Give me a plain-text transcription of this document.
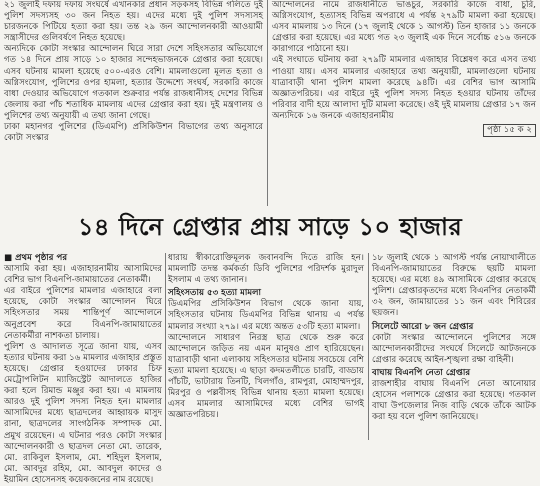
২১ জুলাই দফায় দফায় সংঘর্ষে এখানকার প্রধান সড়কসহ বিভিন্ন গলিতে দুই পুলিশ সদস্যসহ ৩০ জন নিহত হয়। এদের মধ্যে দুই পুলিশ সদস্যসহ চারজনকে পিটিয়ে হত্যা করা হয়। তন্ত ২৯ জন আন্দোলনকারী আওয়ামী সন্ত্রাসীদের গুলিবর্ষণে নিহত হয়েছে।

অন্যদিকে কোটা সংস্কার আন্দোলন ঘিরে সারা দেশে সহিংসতার অভিযোগে গত ১৪ দিনে প্রায় সাড়ে ১০ হাজার সন্দেহভাজনকে গ্রেপ্তার করা হয়েছে। এসব ঘটনায় মামলা হয়েছে ৫০০-এরও বেশি। মামলাগুলো মূলত হত্যা ও অগ্নিসংযোগ, পুলিশের ওপর হামলা, হত্যার উদ্দেশ্যে সংঘর্ষ, সরকারি কাজে বাধা দেওয়ার অভিযোগে গতকাল শুক্রবার পর্যন্ত রাজধানীসহ দেশের বিভিন্ন জেলায় করা পাঁচ শতাধিক মামলায় এদের গ্রেপ্তার করা হয়। দুই মন্ত্রণালয় ও পুলিশের তথ্য অনুযায়ী এ তথ্য জানা গেছে।

ঢাকা মহানগর পুলিশের (ডিএমপি) প্রসিকিউশন বিভাগের তথ্য অনুসারে কোটা সংস্কার

আন্দোলনের নামে রাজধানীতে ভাঙচুর, সরকারি কাজে বাধা, চুরি, অগ্নিসংযোগ, হত্যাসহ বিভিন্ন অপরাধে এ পর্যন্ত ২৭৯টি মামলা করা হয়েছে। এসব মামলায় ১৩ দিনে (১৭ জুলাই থেকে ১ আগস্ট) তিন হাজার ১১ জনকে গ্রেপ্তার করা হয়েছে। এর মধ্যে গত ২৩ জুলাই এক দিনে সর্বোচ্চ ৫১৬ জনকে কারাগারে পাঠানো হয়।

এই সংঘাতে ঘটনায় করা ২৭৯টি মামলার এজাহার বিশ্লেষণ করে এসব তথ্য পাওয়া যায়। এসব মামলার এজাহারে তথ্য অনুযায়ী, মামলাগুলো ঘটনায় যাত্রাবাড়ী থানা পুলিশ মামলা করেছে ৯৪টি। এর বেশির ভাগ আসামি অজ্ঞাতপরিচয়। এর বাইরে দুই পুলিশ সদস্য নিহত হওয়ার ঘটনায় তাঁদের পরিবার বাদী হয়ে আলাদা দুটি মামলা করেছে। ওই দুই মামলায় গ্রেপ্তার ১৭ জন অন্যদিকে ১৬ জনকে এজাহারনামীয়

পৃষ্ঠা ১৫ ক ২

১৪ দিনে গ্রেপ্তার প্রায় সাড়ে ১০ হাজার

■ প্রথম পৃষ্ঠার পর

আসামি করা হয়। এজাহারনামীয় আসামিদের বেশির ভাগ বিএনপি-জামায়াতের নেতাকর্মী।

এর বাইরে পুলিশের মামলার এজাহারে বলা হয়েছে, কোটা সংস্কার আন্দোলন ঘিরে সহিংসতার সময় শান্তিপূর্ণ আন্দোলনে অনুপ্রবেশ করে বিএনপি-জামায়াতের নেতাকর্মীরা নাশকতা চালায়।

পুলিশ ও আদালত সূত্রে জানা যায়, এসব হত্যার ঘটনায় করা ১৬ মামলার এজাহার প্রস্তুত হয়েছে। গ্রেপ্তার হওয়াদের ঢাকার চিফ মেট্রোপলিটন ম্যাজিস্ট্রেট আদালতে হাজির করা হলে রিমান্ড মঞ্জুর করা হয়। এ মামলায় আরও দুই পুলিশ সদস্য নিহত হন। মামলার আসামিদের মধ্যে ছাত্রদলের আহ্বায়ক মাসুদ রানা, ছাত্রদলের সাংগঠনিক সম্পাদক মো. প্রমুখ রয়েছেন। এ ঘটনার পরও কোটা সংস্কার আন্দোলনকারী ও ছাত্রদল নেতা মো. তারেক, মো. রাকিবুল ইসলাম, মো. শহিদুল ইসলাম, মো. আবদুর রহিম, মো. আবদুল কাদের ও ইয়ামিন হোসেনসহ কয়েকজনের নাম রয়েছে।

ধারায় স্বীকারোক্তিমূলক জবানবন্দি দিতে রাজি হন। মামলাটি তদন্ত কর্মকর্তা ডিবি পুলিশের পরিদর্শক মুরাদুল ইসলাম এ তথ্য জানান।

সহিংসতায় ৫৩ হত্যা মামলা

ডিএমপির প্রসিকিউশন বিভাগ থেকে জানা যায়, সহিংসতার ঘটনায় ডিএমপির বিভিন্ন থানায় এ পর্যন্ত মামলার সংখ্যা ২৭৯। এর মধ্যে অন্তত ৫৩টি হত্যা মামলা।

আন্দোলনে সাধারণ নিরস্ত্র ছাত্র থেকে শুরু করে আন্দোলনে জড়িত নয় এমন মানুষও প্রাণ হারিয়েছেন। যাত্রাবাড়ী থানা এলাকায় সহিংসতার ঘটনায় সবচেয়ে বেশি হত্যা মামলা হয়েছে। এ ছাড়া কদমতলীতে চারটি, বাড্ডায় পাঁচটি, ভাটারায় তিনটি, খিলগাঁও, রামপুরা, মোহাম্মদপুর, মিরপুর ও পল্লবীসহ বিভিন্ন থানায় হত্যা মামলা হয়েছে। এসব মামলার আসামিদের মধ্যে বেশির ভাগই অজ্ঞাতপরিচয়।

১৮ জুলাই থেকে ১ আগস্ট পর্যন্ত নোয়াখালীতে বিএনপি-জামায়াতের বিরুদ্ধে ছয়টি মামলা হয়েছে। এর মধ্যে ৪৯ আসামিকে গ্রেপ্তার করেছে পুলিশ। গ্রেপ্তারকৃতদের মধ্যে বিএনপির নেতাকর্মী ৩২ জন, জামায়াতের ১১ জন এবং শিবিরের ছয়জন।

সিলেটে আরো ৮ জন গ্রেপ্তার

কোটা সংস্কার আন্দোলনে পুলিশের সঙ্গে আন্দোলনকারীদের সংঘর্ষে সিলেটে আটজনকে গ্রেপ্তার করেছে আইন-শৃঙ্খলা রক্ষা বাহিনী।

বাঘায় বিএনপি নেতা গ্রেপ্তার

রাজশাহীর বাঘায় বিএনপি নেতা আনোয়ার হোসেন পলাশকে গ্রেপ্তার করা হয়েছে। গতকাল বাঘা উপজেলার নিজ বাড়ি থেকে তাঁকে আটক করা হয় বলে পুলিশ জানিয়েছে।
